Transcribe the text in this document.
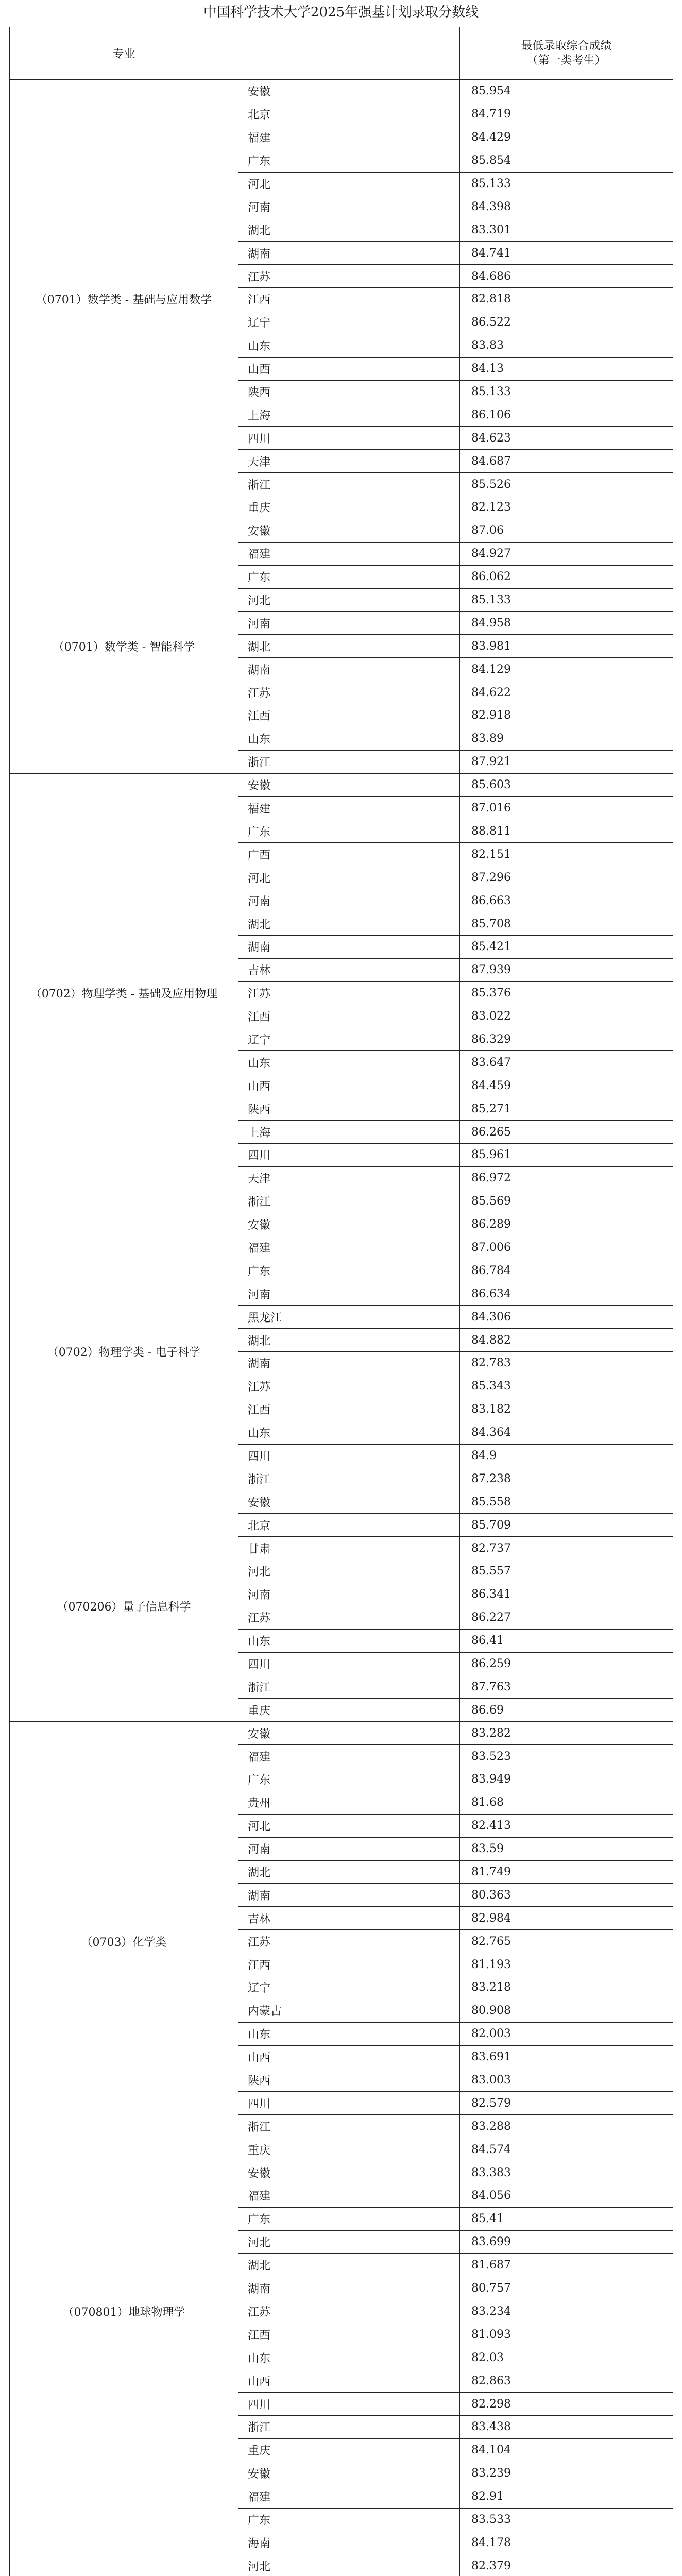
中国科学技术大学2025年强基计划录取分数线
专业		最低录取综合成绩
（第一类考生）

（0701）数学类 - 基础与应用数学	安徽	85.954
	北京	84.719
	福建	84.429
	广东	85.854
	河北	85.133
	河南	84.398
	湖北	83.301
	湖南	84.741
	江苏	84.686
	江西	82.818
	辽宁	86.522
	山东	83.83
	山西	84.13
	陕西	85.133
	上海	86.106
	四川	84.623
	天津	84.687
	浙江	85.526
	重庆	82.123
（0701）数学类 - 智能科学	安徽	87.06
	福建	84.927
	广东	86.062
	河北	85.133
	河南	84.958
	湖北	83.981
	湖南	84.129
	江苏	84.622
	江西	82.918
	山东	83.89
	浙江	87.921
（0702）物理学类 - 基础及应用物理	安徽	85.603
	福建	87.016
	广东	88.811
	广西	82.151
	河北	87.296
	河南	86.663
	湖北	85.708
	湖南	85.421
	吉林	87.939
	江苏	85.376
	江西	83.022
	辽宁	86.329
	山东	83.647
	山西	84.459
	陕西	85.271
	上海	86.265
	四川	85.961
	天津	86.972
	浙江	85.569
（0702）物理学类 - 电子科学	安徽	86.289
	福建	87.006
	广东	86.784
	河南	86.634
	黑龙江	84.306
	湖北	84.882
	湖南	82.783
	江苏	85.343
	江西	83.182
	山东	84.364
	四川	84.9
	浙江	87.238
（070206）量子信息科学	安徽	85.558
	北京	85.709
	甘肃	82.737
	河北	85.557
	河南	86.341
	江苏	86.227
	山东	86.41
	四川	86.259
	浙江	87.763
	重庆	86.69
（0703）化学类	安徽	83.282
	福建	83.523
	广东	83.949
	贵州	81.68
	河北	82.413
	河南	83.59
	湖北	81.749
	湖南	80.363
	吉林	82.984
	江苏	82.765
	江西	81.193
	辽宁	83.218
	内蒙古	80.908
	山东	82.003
	山西	83.691
	陕西	83.003
	四川	82.579
	浙江	83.288
	重庆	84.574
（070801）地球物理学	安徽	83.383
	福建	84.056
	广东	85.41
	河北	83.699
	湖北	81.687
	湖南	80.757
	江苏	83.234
	江西	81.093
	山东	82.03
	山西	82.863
	四川	82.298
	浙江	83.438
	重庆	84.104
	安徽	83.239
	福建	82.91
	广东	83.533
	海南	84.178
	河北	82.379
